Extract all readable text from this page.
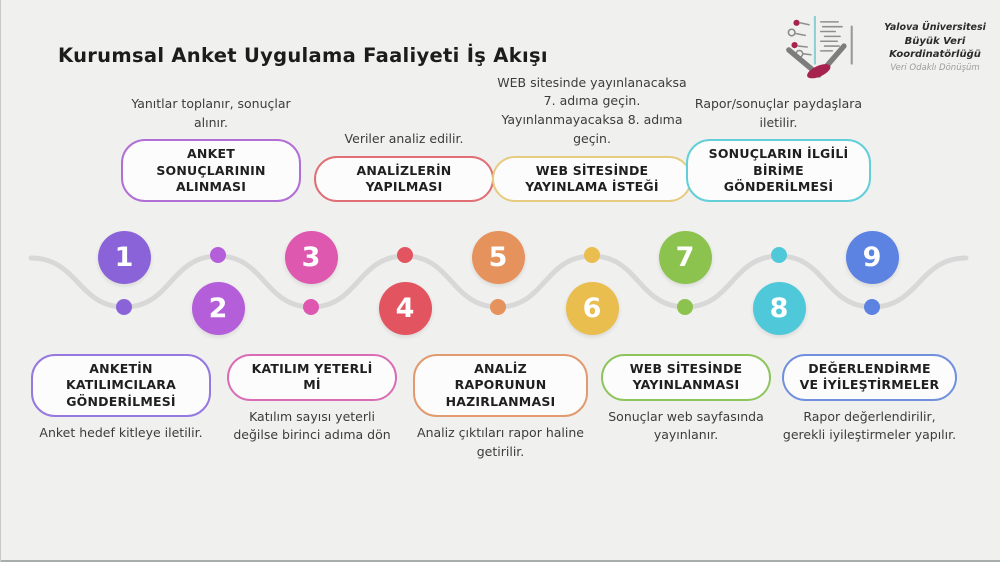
Kurumsal Anket Uygulama Faaliyeti İş Akışı
Yalova Üniversitesi
Büyük Veri Koordinatörlüğü
Veri Odaklı Dönüşüm
1
2
3
4
5
6
7
8
9

Yanıtlar toplanır, sonuçlar alınır.

ANKET SONUÇLARININ ALINMASI

Veriler analiz edilir.

ANALİZLERİN YAPILMASI

WEB sitesinde yayınlanacaksa 7. adıma geçin. Yayınlanmayacaksa 8. adıma geçin.

WEB SİTESİNDE YAYINLAMA İSTEĞİ

Rapor/sonuçlar paydaşlara iletilir.

SONUÇLARIN İLGİLİ BİRİME GÖNDERİLMESİ
ANKETİN KATILIMCILARA GÖNDERİLMESİ

Anket hedef kitleye iletilir.

KATILIM YETERLİ Mİ

Katılım sayısı yeterli değilse birinci adıma dön

ANALİZ RAPORUNUN HAZIRLANMASI

Analiz çıktıları rapor haline getirilir.

WEB SİTESİNDE YAYINLANMASI

Sonuçlar web sayfasında yayınlanır.

DEĞERLENDİRME VE İYİLEŞTİRMELER

Rapor değerlendirilir, gerekli iyileştirmeler yapılır.
